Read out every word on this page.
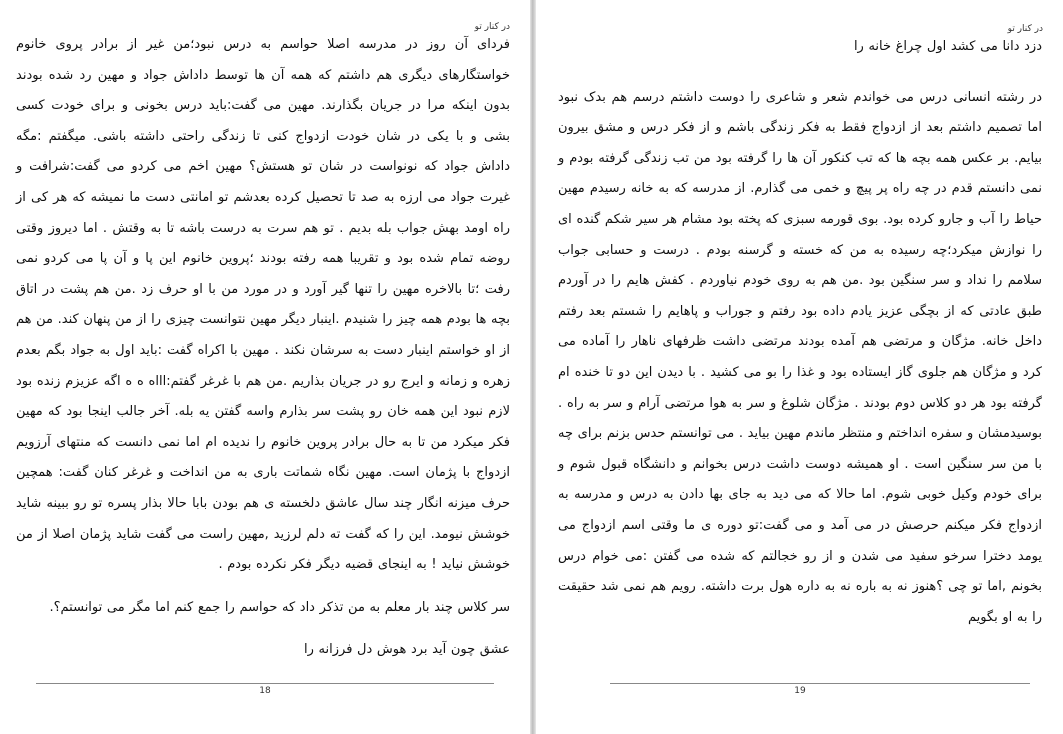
در کنار تو

فردای آن روز در مدرسه اصلا حواسم به درس نبود؛من غیر از برادر پروی خانوم خواستگارهای دیگری هم داشتم که همه آن ها توسط داداش جواد و مهین رد شده بودند بدون اینکه مرا در جریان بگذارند. مهین می گفت:باید درس بخونی و برای خودت کسی بشی و با یکی در شان خودت ازدواج کنی تا زندگی راحتی داشته باشی. میگفتم :مگه داداش جواد که نونواست در شان تو هستش؟ مهین اخم می کردو می گفت:شرافت و غیرت جواد می ارزه به صد تا تحصیل کرده بعدشم تو امانتی دست ما نمیشه که هر کی از راه اومد بهش جواب بله بدیم . تو هم سرت به درست باشه تا به وقتش . اما دیروز وقتی روضه تمام شده بود و تقریبا همه رفته بودند ؛پروین خانوم این پا و آن پا می کردو نمی رفت ؛تا بالاخره مهین را تنها گیر آورد و در مورد من با او حرف زد .من هم پشت در اتاق بچه ها بودم همه چیز را شنیدم .اینبار دیگر مهین نتوانست چیزی را از من پنهان کند. من هم از او خواستم اینبار دست به سرشان نکند . مهین با اکراه گفت :باید اول به جواد بگم بعدم زهره و زمانه و ایرج رو در جریان بذاریم .من هم با غرغر گفتم:اااه ه ه اگه عزیزم زنده بود لازم نبود این همه خان رو پشت سر بذارم واسه گفتن یه بله. آخر جالب اینجا بود که مهین فکر میکرد من تا به حال برادر پروین خانوم را ندیده ام اما نمی دانست که منتهای آرزویم ازدواج با پژمان است. مهین نگاه شماتت باری به من انداخت و غرغر کنان گفت: همچین حرف میزنه انگار چند سال عاشق دلخسته ی هم بودن بابا حالا بذار پسره تو رو ببینه شاید خوشش نیومد. این را که گفت ته دلم لرزید ,مهین راست می گفت شاید پژمان اصلا از من خوشش نیاید ! به اینجای قضیه دیگر فکر نکرده بودم .

سر کلاس چند بار معلم به من تذکر داد که حواسم را جمع کنم اما مگر می توانستم؟.

عشق چون آید برد هوش دل فرزانه را

18
در کنار تو

دزد دانا می کشد اول چراغ خانه را

در رشته انسانی درس می خواندم شعر و شاعری را دوست داشتم درسم هم بدک نبود اما تصمیم داشتم بعد از ازدواج فقط به فکر زندگی باشم و از فکر درس و مشق بیرون بیایم. بر عکس همه بچه ها که تب کنکور آن ها را گرفته بود من تب زندگی گرفته بودم و نمی دانستم قدم در چه راه پر پیچ و خمی می گذارم. از مدرسه که به خانه رسیدم مهین حیاط را آب و جارو کرده بود. بوی قورمه سبزی که پخته بود مشام هر سیر شکم گنده ای را نوازش میکرد؛چه رسیده به من که خسته و گرسنه بودم . درست و حسابی جواب سلامم را نداد و سر سنگین بود .من هم به روی خودم نیاوردم . کفش هایم را در آوردم طبق عادتی که از بچگی عزیز یادم داده بود رفتم و جوراب و پاهایم را شستم بعد رفتم داخل خانه. مژگان و مرتضی هم آمده بودند مرتضی داشت ظرفهای ناهار را آماده می کرد و مژگان هم جلوی گاز ایستاده بود و غذا را بو می کشید . با دیدن این دو تا خنده ام گرفته بود هر دو کلاس دوم بودند . مژگان شلوغ و سر به هوا مرتضی آرام و سر به راه . بوسیدمشان و سفره انداختم و منتظر ماندم مهین بیاید . می توانستم حدس بزنم برای چه با من سر سنگین است . او همیشه دوست داشت درس بخوانم و دانشگاه قبول شوم و برای خودم وکیل خوبی شوم. اما حالا که می دید به جای بها دادن به درس و مدرسه به ازدواج فکر میکنم حرصش در می آمد و می گفت:تو دوره ی ما وقتی اسم ازدواج می یومد دخترا سرخو سفید می شدن و از رو خجالتم که شده می گفتن :می خوام درس بخونم ,اما تو چی ؟هنوز نه به باره نه به داره هول برت داشته. رویم هم نمی شد حقیقت را به او بگویم

19
